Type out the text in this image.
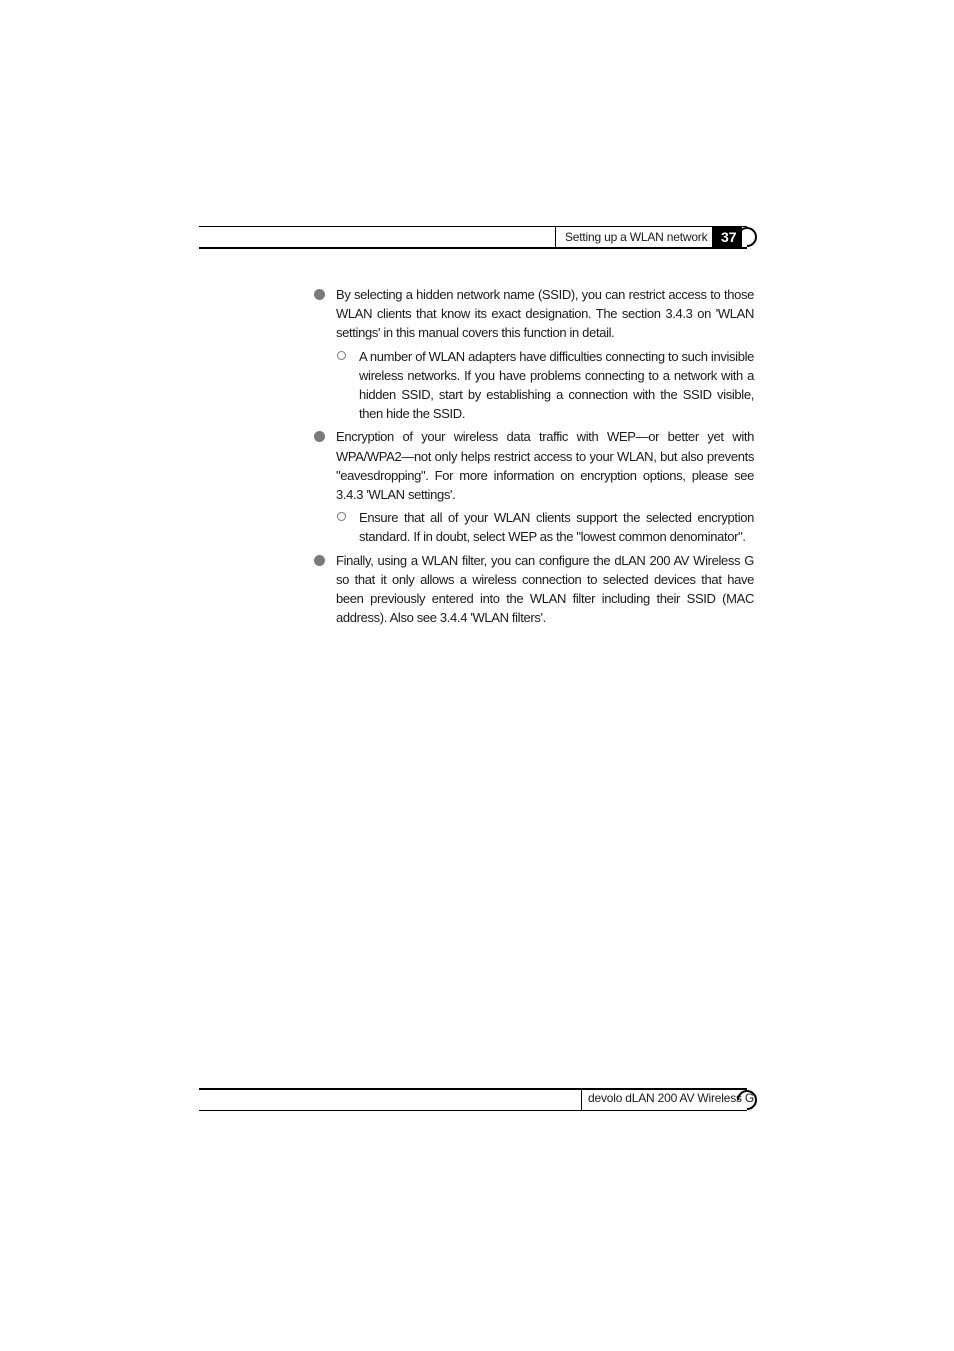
Setting up a WLAN network 37
By selecting a hidden network name (SSID), you can restrict access to those WLAN clients that know its exact designation. The section 3.4.3 on 'WLAN settings' in this manual covers this function in detail.
A number of WLAN adapters have difficulties connecting to such invisible wireless networks. If you have problems connecting to a network with a hidden SSID, start by establishing a connection with the SSID visible, then hide the SSID.
Encryption of your wireless data traffic with WEP—or better yet with WPA/WPA2—not only helps restrict access to your WLAN, but also prevents "eavesdropping". For more information on encryption options, please see 3.4.3 'WLAN settings'.
Ensure that all of your WLAN clients support the selected encryption standard. If in doubt, select WEP as the "lowest common denominator".
Finally, using a WLAN filter, you can configure the dLAN 200 AV Wireless G so that it only allows a wireless connection to selected devices that have been previously entered into the WLAN filter including their SSID (MAC address). Also see 3.4.4 'WLAN filters'.
devolo dLAN 200 AV Wireless G
